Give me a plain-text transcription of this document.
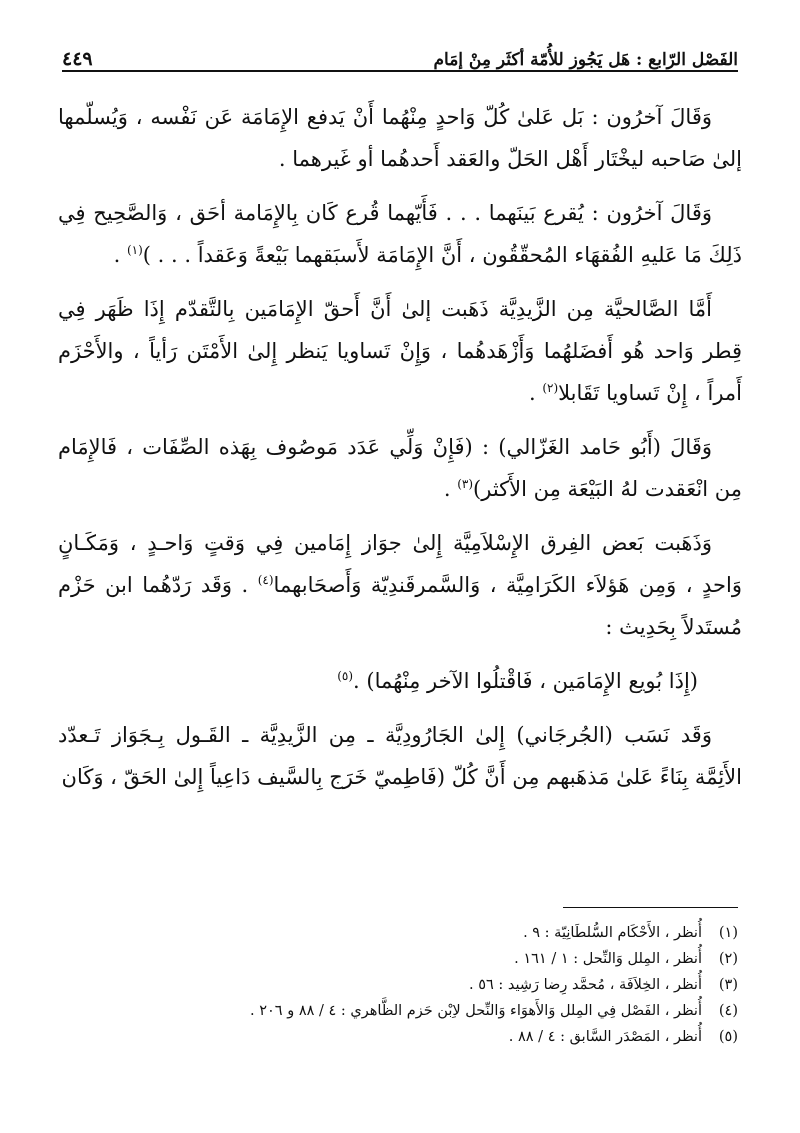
الفَصْل الرّابع : هَل يَجُوز للأُمّة أكثَر مِنْ إمَام
٤٤٩

وَقَالَ آخرُون : بَل عَلىٰ كُلّ وَاحدٍ مِنْهُما أَنْ يَدفع الإِمَامَة عَن نَفْسه ، وَيُسلّمها إلىٰ صَاحبه ليخْتَار أَهْل الحَلّ والعَقد أَحدهُما أو غَيرهما .

وَقَالَ آخرُون : يُقرع بَينَهما . . . فَأَيّهما قُرع كَان بِالإِمَامة أحَق ، وَالصَّحِيح فِي ذَلِكَ مَا عَليهِ الفُقهَاء المُحقّقُون ، أَنَّ الإِمَامَة لأَسبَقهما بَيْعةً وَعَقداً . . . )$^{(١)}$ .

أَمَّا الصَّالحيَّة مِن الزَّيدِيَّة ذَهَبت إلىٰ أَنَّ أَحقّ الإِمَامَين بِالتَّقدّم إِذَا ظَهَر فِي قِطر وَاحد هُو أَفضَلهُما وَأَزْهَدهُما ، وَإِنْ تَساويا يَنظر إِلىٰ الأَمْتَن رَأياً ، والأَحْزَم أَمراً ، إِنْ تَساويا تَقَابلا$^{(٢)}$ .

وَقَالَ (أَبُو حَامد الغَزّالي) : (فَإِنْ وَلِّي عَدَد مَوصُوف بِهَذه الصِّفَات ، فَالإِمَام مِن انْعَقدت لهُ البَيْعَة مِن الأَكثر)$^{(٣)}$ .

وَذَهَبت بَعض الفِرق الإِسْلاَمِيَّة إِلىٰ جوَاز إِمَامين فِي وَقتٍ وَاحـدٍ ، وَمَكَـانٍ وَاحدٍ ، وَمِن هَؤلاَء الكَرَامِيَّة ، وَالسَّمرقَندِيّة وَأَصحَابهما$^{(٤)}$ . وَقَد رَدّهُما ابن حَزْم مُستَدلاً بِحَدِيث :

(إِذَا بُويع الإِمَامَين ، فَاقْتلُوا الآخر مِنْهُما) .$^{(٥)}$

وَقَد نَسَب (الجُرجَاني) إِلىٰ الجَارُودِيَّة ـ مِن الزَّيدِيَّة ـ القَـول بِـجَوَاز تَـعدّد الأَئِمَّة بِنَاءً عَلىٰ مَذهَبهم مِن أَنَّ كُلّ (فَاطِميّ خَرَج بِالسَّيف دَاعِياً إِلىٰ الحَقّ ، وَكَان

(١)
أُنظر ، الأَحْكَام السُّلطَانِيّة : ٩ .
(٢)
أُنظر ، المِلل وَالنِّحل : ١ / ١٦١ .
(٣)
أُنظر ، الخِلاَفَة ، مُحمَّد رِضا رَشِيد : ٥٦ .
(٤)
أُنظر ، الفَصْل فِي المِلل وَالأَهوَاء وَالنِّحل لاِبْن حَزم الظَّاهري : ٤ / ٨٨ و ٢٠٦ .
(٥)
أُنظر ، المَصْدَر السَّابق : ٤ / ٨٨ .
